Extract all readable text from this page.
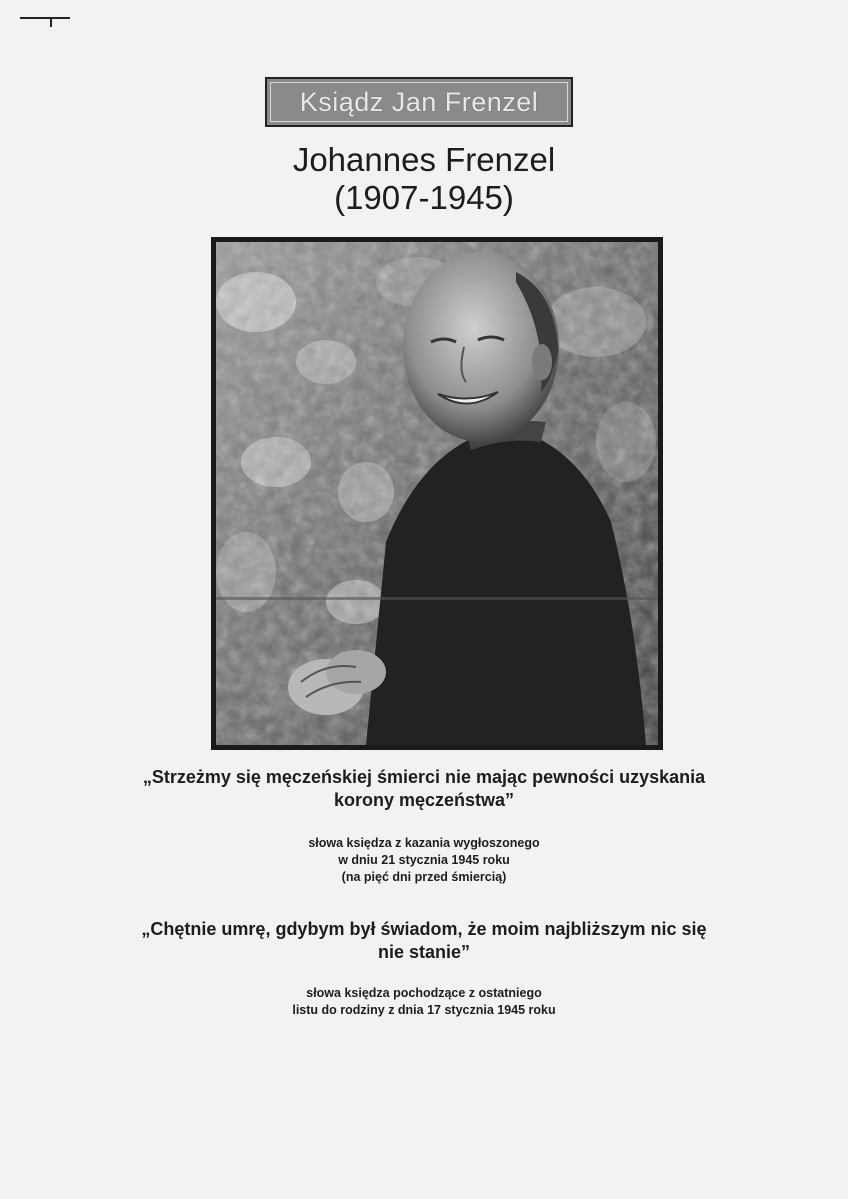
Ksiądz Jan Frenzel
Johannes Frenzel
(1907-1945)
„Strzeżmy się męczeńskiej śmierci nie mając pewności uzyskania
korony męczeństwa”
słowa księdza z kazania wygłoszonego
w dniu 21 stycznia 1945 roku
(na pięć dni przed śmiercią)
„Chętnie umrę, gdybym był świadom, że moim najbliższym nic się
nie stanie”
słowa księdza pochodzące z ostatniego
listu do rodziny z dnia 17 stycznia 1945 roku
